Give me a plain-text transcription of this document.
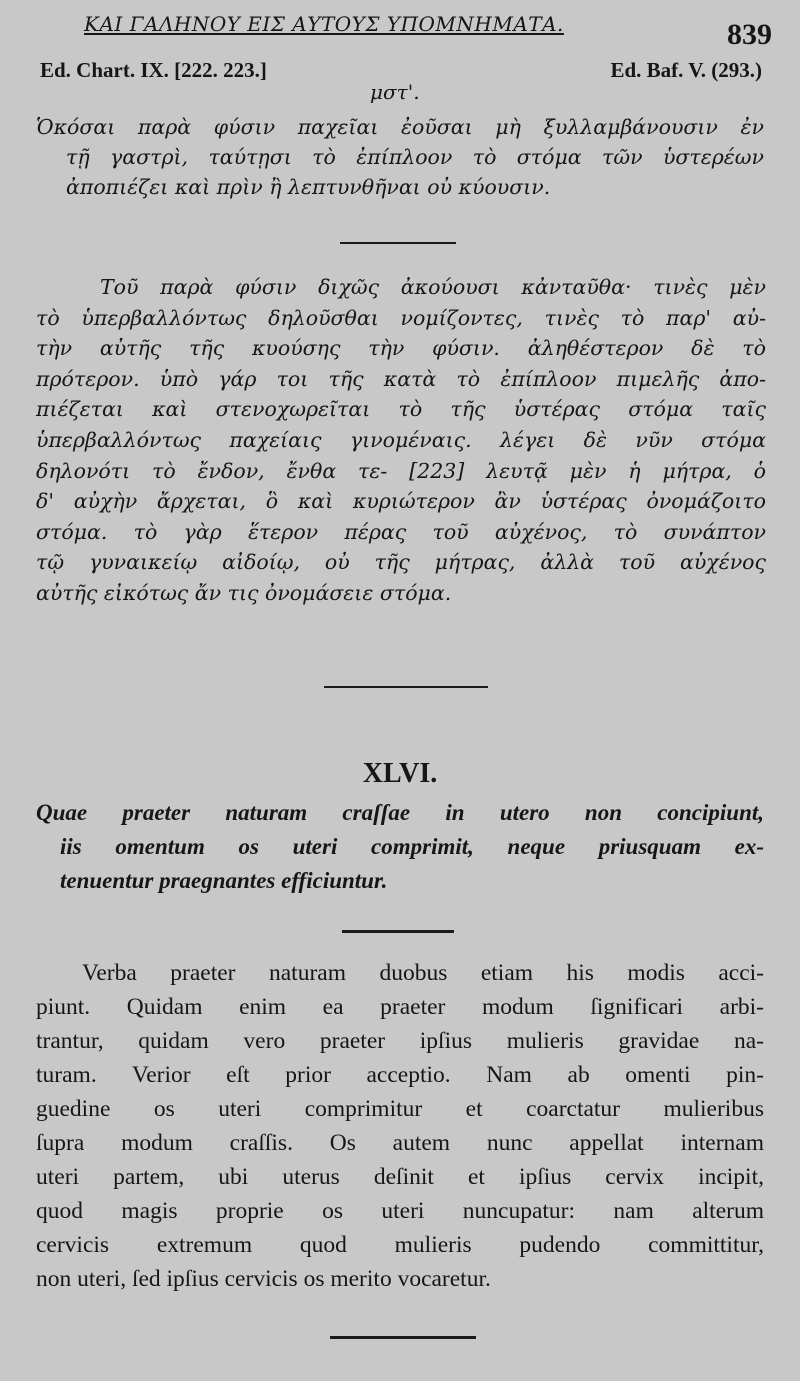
ΚΑΙ ΓΑΛΗΝΟΥ ΕΙΣ ΑΥΤΟΥΣ ΥΠΟΜΝΗΜΑΤΑ.	839
Ed. Chart. IX. [222. 223.]	Ed. Baf. V. (293.)
μστ'.
Ὁκόσαι παρὰ φύσιν παχεῖαι ἐοῦσαι μὴ ξυλλαμβάνουσιν ἐν
τῇ γαστρὶ, ταύτῃσι τὸ ἐπίπλοον τὸ στόμα τῶν ὑστερέων
ἀποπιέζει καὶ πρὶν ἢ λεπτυνθῆναι οὐ κύουσιν.
Τοῦ παρὰ φύσιν διχῶς ἀκούουσι κἀνταῦθα· τινὲς μὲν
τὸ ὑπερβαλλόντως δηλοῦσθαι νομίζοντες, τινὲς τὸ παρ' αὐ-
τὴν αὐτῆς τῆς κυούσης τὴν φύσιν. ἀληθέστερον δὲ τὸ
πρότερον. ὑπὸ γάρ τοι τῆς κατὰ τὸ ἐπίπλοον πιμελῆς ἀπο-
πιέζεται καὶ στενοχωρεῖται τὸ τῆς ὑστέρας στόμα ταῖς
ὑπερβαλλόντως παχείαις γινομέναις. λέγει δὲ νῦν στόμα
δηλονότι τὸ ἔνδον, ἔνθα τε- [223] λευτᾷ μὲν ἡ μήτρα, ὁ
δ' αὐχὴν ἄρχεται, ὃ καὶ κυριώτερον ἂν ὑστέρας ὀνομάζοιτο
στόμα. τὸ γὰρ ἕτερον πέρας τοῦ αὐχένος, τὸ συνάπτον
τῷ γυναικείῳ αἰδοίῳ, οὐ τῆς μήτρας, ἀλλὰ τοῦ αὐχένος
αὐτῆς εἰκότως ἄν τις ὀνομάσειε στόμα.
XLVI.
Quae praeter naturam craſſae in utero non concipiunt,
iis omentum os uteri comprimit, neque priusquam ex-
tenuentur praegnantes efficiuntur.
Verba praeter naturam duobus etiam his modis acci-
piunt. Quidam enim ea praeter modum ſignificari arbi-
trantur, quidam vero praeter ipſius mulieris gravidae na-
turam. Verior eſt prior acceptio. Nam ab omenti pin-
guedine os uteri comprimitur et coarctatur mulieribus
ſupra modum craſſis. Os autem nunc appellat internam
uteri partem, ubi uterus deſinit et ipſius cervix incipit,
quod magis proprie os uteri nuncupatur: nam alterum
cervicis extremum quod mulieris pudendo committitur,
non uteri, ſed ipſius cervicis os merito vocaretur.
